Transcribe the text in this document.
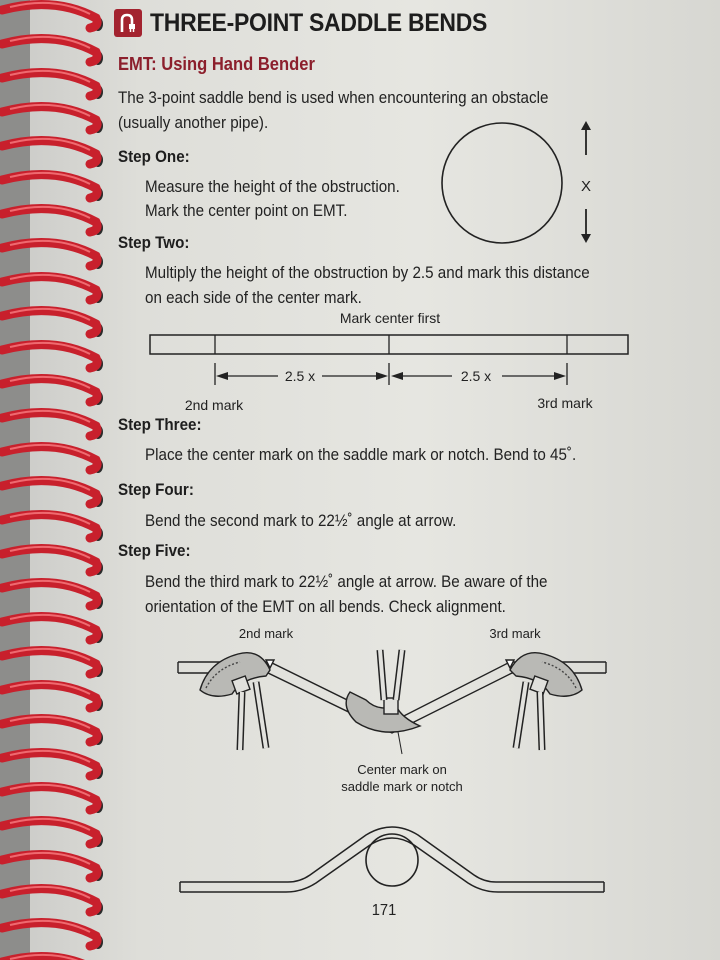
THREE-POINT SADDLE BENDS
EMT: Using Hand Bender
The 3-point saddle bend is used when encountering an obstacle
(usually another pipe).
Step One:
Measure the height of the obstruction.
Mark the center point on EMT.
X
Step Two:
Multiply the height of the obstruction by 2.5 and mark this distance
on each side of the center mark.
Mark center first
2.5 x	2.5 x
2nd mark	3rd mark
Step Three:
Place the center mark on the saddle mark or notch. Bend to 45˚.
Step Four:
Bend the second mark to 22½˚ angle at arrow.
Step Five:
Bend the third mark to 22½˚ angle at arrow. Be aware of the
orientation of the EMT on all bends. Check alignment.
2nd mark	3rd mark
Center mark on
saddle mark or notch
171
